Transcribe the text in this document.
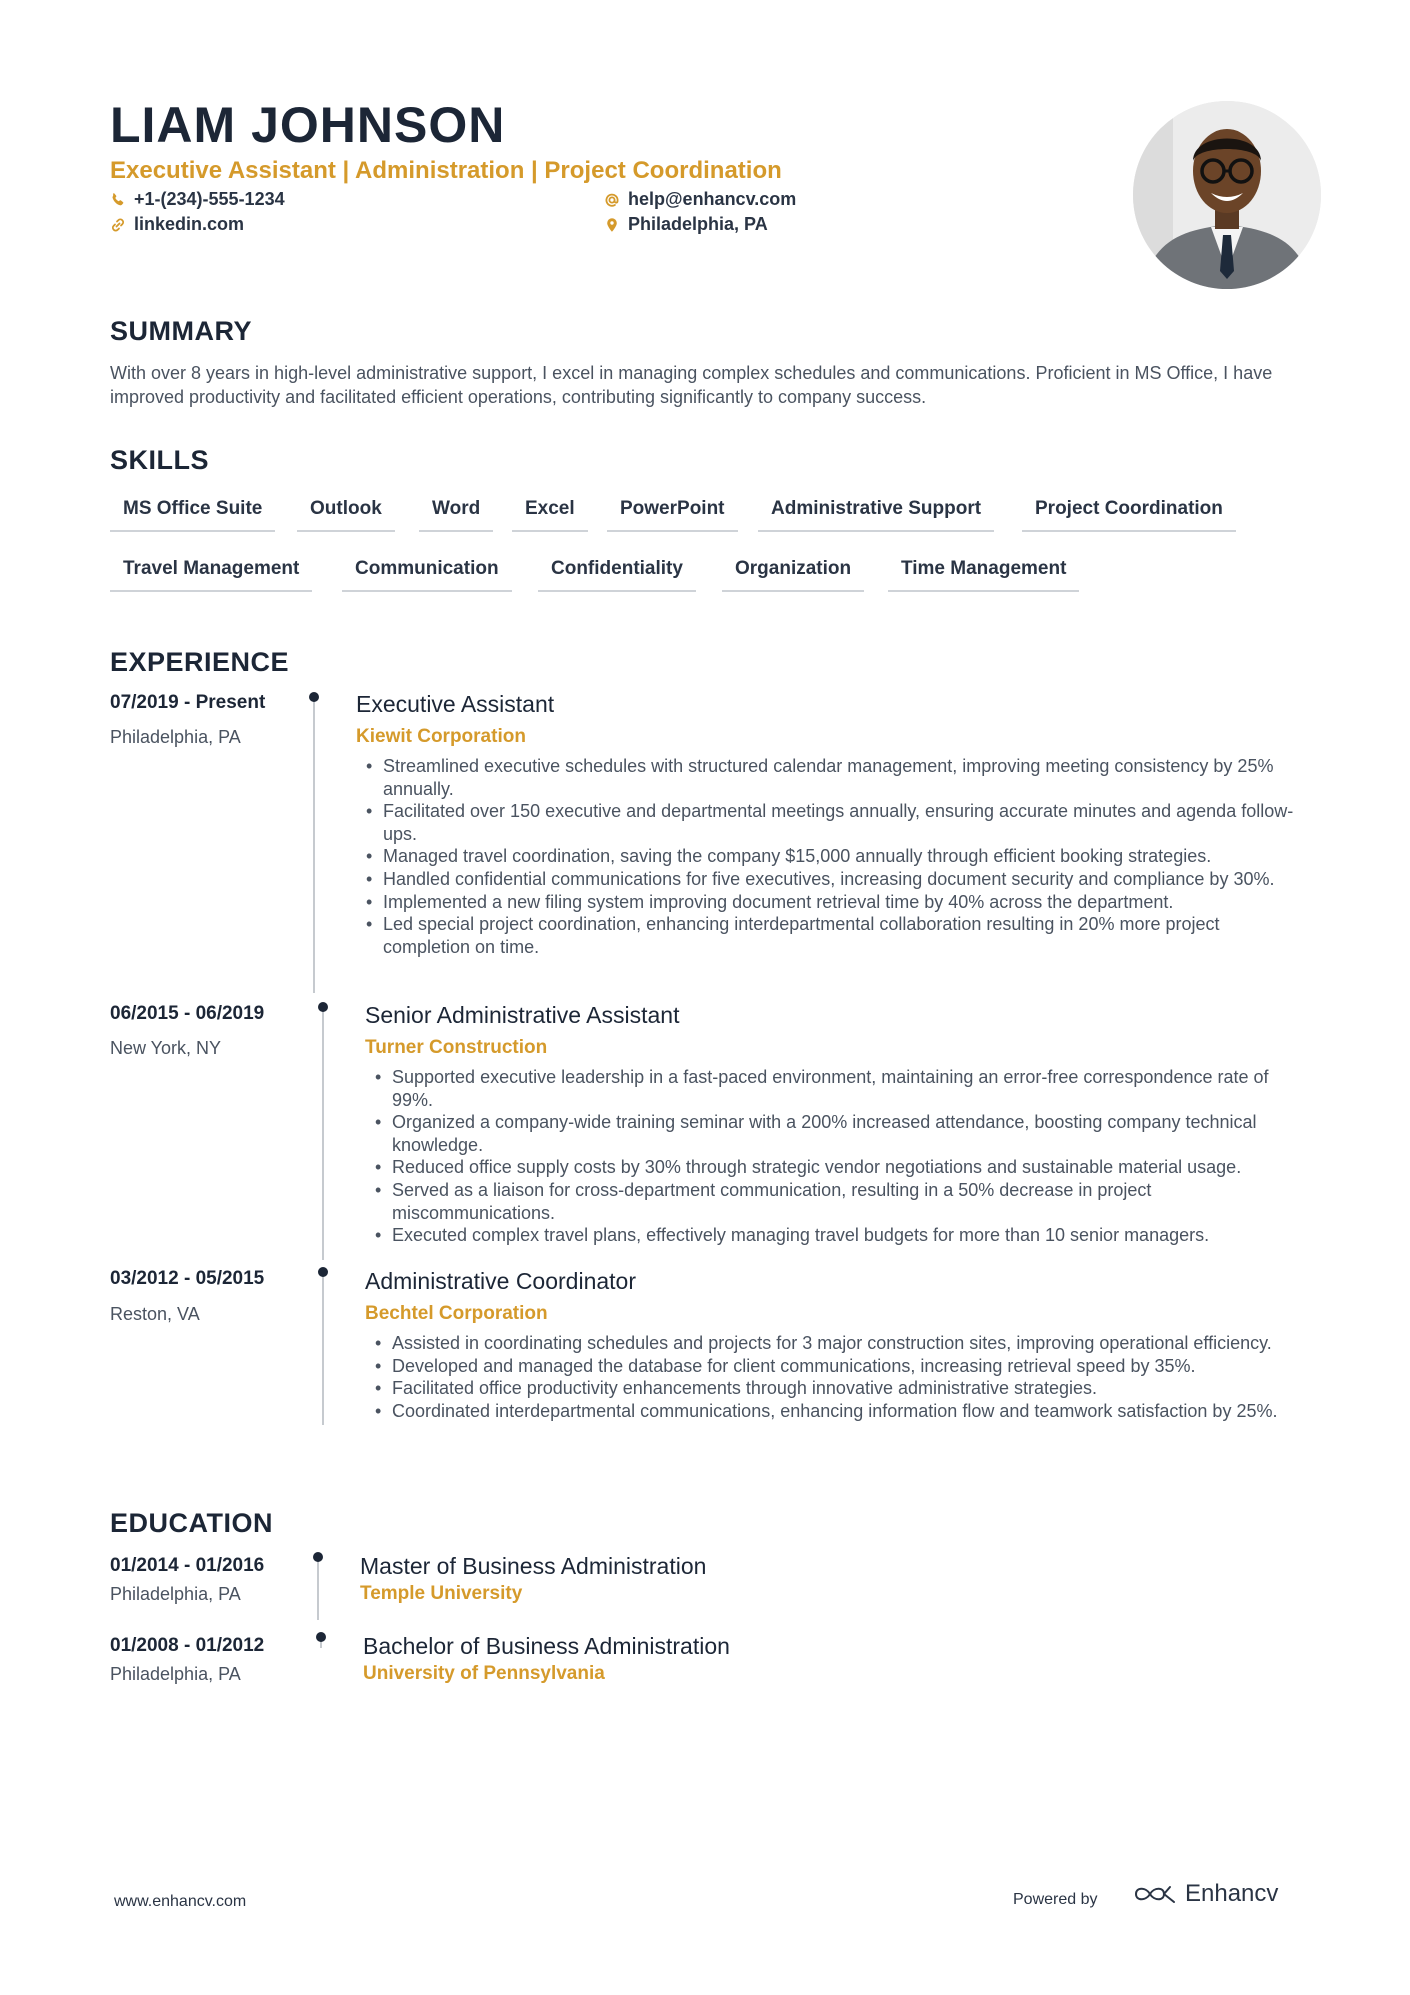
LIAM JOHNSON
Executive Assistant | Administration | Project Coordination
+1-(234)-555-1234	help@enhancv.com
linkedin.com	Philadelphia, PA
SUMMARY
With over 8 years in high-level administrative support, I excel in managing complex schedules and communications. Proficient in MS Office, I have improved productivity and facilitated efficient operations, contributing significantly to company success.
SKILLS
MS Office Suite	Outlook	Word	Excel	PowerPoint	Administrative Support	Project Coordination
Travel Management	Communication	Confidentiality	Organization	Time Management
EXPERIENCE
07/2019 - Present
Philadelphia, PA
Executive Assistant
Kiewit Corporation
• Streamlined executive schedules with structured calendar management, improving meeting consistency by 25% annually.
• Facilitated over 150 executive and departmental meetings annually, ensuring accurate minutes and agenda follow-ups.
• Managed travel coordination, saving the company $15,000 annually through efficient booking strategies.
• Handled confidential communications for five executives, increasing document security and compliance by 30%.
• Implemented a new filing system improving document retrieval time by 40% across the department.
• Led special project coordination, enhancing interdepartmental collaboration resulting in 20% more project completion on time.
06/2015 - 06/2019
New York, NY
Senior Administrative Assistant
Turner Construction
• Supported executive leadership in a fast-paced environment, maintaining an error-free correspondence rate of 99%.
• Organized a company-wide training seminar with a 200% increased attendance, boosting company technical knowledge.
• Reduced office supply costs by 30% through strategic vendor negotiations and sustainable material usage.
• Served as a liaison for cross-department communication, resulting in a 50% decrease in project miscommunications.
• Executed complex travel plans, effectively managing travel budgets for more than 10 senior managers.
03/2012 - 05/2015
Reston, VA
Administrative Coordinator
Bechtel Corporation
• Assisted in coordinating schedules and projects for 3 major construction sites, improving operational efficiency.
• Developed and managed the database for client communications, increasing retrieval speed by 35%.
• Facilitated office productivity enhancements through innovative administrative strategies.
• Coordinated interdepartmental communications, enhancing information flow and teamwork satisfaction by 25%.
EDUCATION
01/2014 - 01/2016
Philadelphia, PA
Master of Business Administration
Temple University
01/2008 - 01/2012
Philadelphia, PA
Bachelor of Business Administration
University of Pennsylvania
www.enhancv.com	Powered by	Enhancv
